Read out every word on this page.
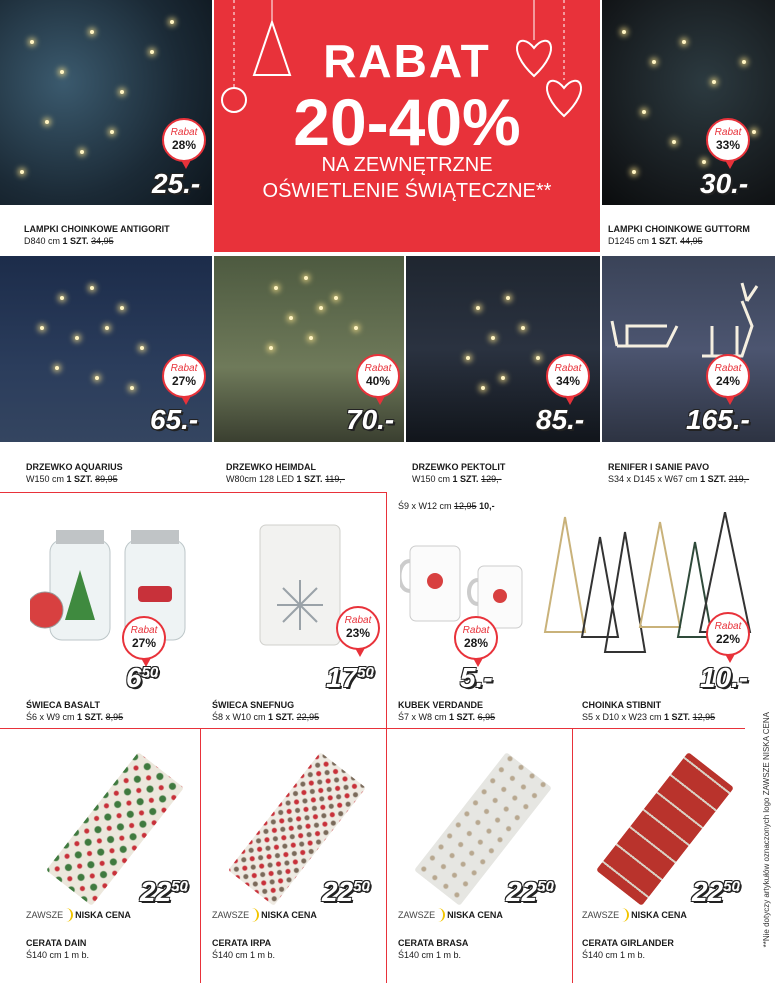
Rabat
28%
25.-
LAMPKI CHOINKOWE ANTIGORIT
D840 cm 1 SZT. 34,95
RABAT
20-40%
NA ZEWNĘTRZNE
OŚWIETLENIE ŚWIĄTECZNE**
Rabat
33%
30.-
LAMPKI CHOINKOWE GUTTORM
D1245 cm 1 SZT. 44,95
Rabat
27%
65.-
Rabat
40%
70.-
Rabat
34%
85.-
Rabat
24%
165.-
DRZEWKO AQUARIUS
W150 cm 1 SZT. 89,95
DRZEWKO HEIMDAL
W80cm 128 LED 1 SZT. 119,-
DRZEWKO PEKTOLIT
W150 cm 1 SZT. 129,-
RENIFER I SANIE PAVO
S34 x D145 x W67 cm 1 SZT. 219,-
Rabat
27%
$6^{50}$
Rabat
23%
$17^{50}$
ŚWIECA BASALT
Ś6 x W9 cm 1 SZT. 8,95
ŚWIECA SNEFNUG
Ś8 x W10 cm 1 SZT. 22,95
Ś9 x W12 cm 12,95 10,-
Rabat
28%
5.-
Rabat
22%
10.-
KUBEK VERDANDE
Ś7 x W8 cm 1 SZT. 6,95
CHOINKA STIBNIT
S5 x D10 x W23 cm 1 SZT. 12,95
$22^{50}$	$22^{50}$	$22^{50}$	$22^{50}$
ZAWSZE NISKA CENA	ZAWSZE NISKA CENA	ZAWSZE NISKA CENA	ZAWSZE NISKA CENA
CERATA DAIN
Ś140 cm 1 m b.
CERATA IRPA
Ś140 cm 1 m b.
CERATA BRASA
Ś140 cm 1 m b.
CERATA GIRLANDER
Ś140 cm 1 m b.
**Nie dotyczy artykułów oznaczonych logo ZAWSZE NISKA CENA
